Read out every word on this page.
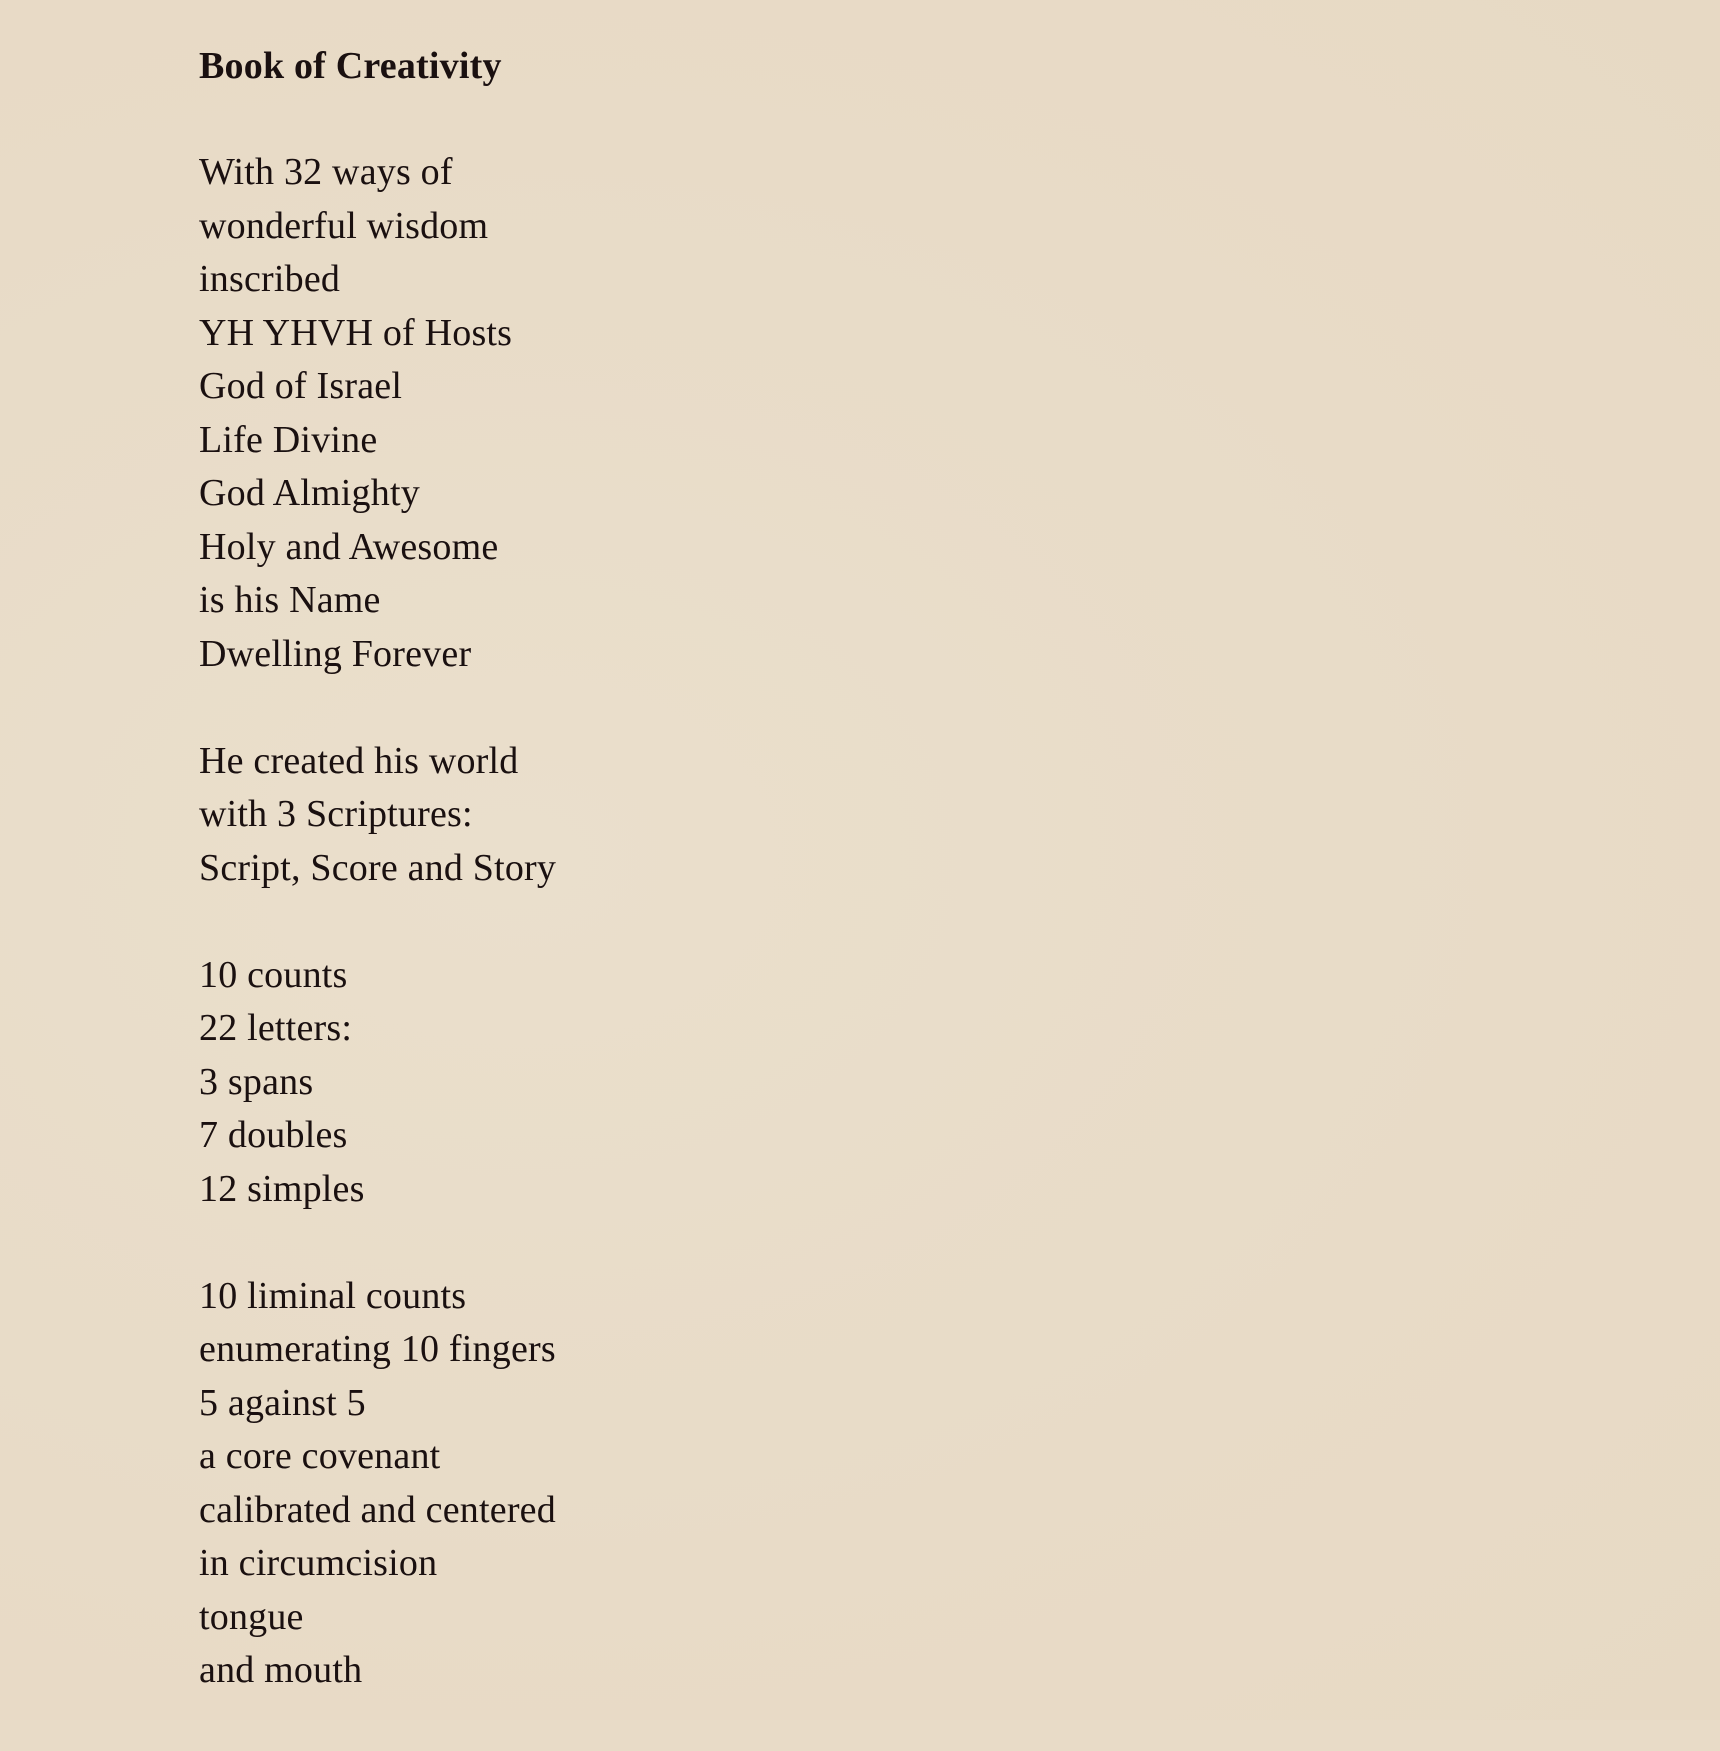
Book of Creativity
With 32 ways of
wonderful wisdom
inscribed
YH YHVH of Hosts
God of Israel
Life Divine
God Almighty
Holy and Awesome
is his Name
Dwelling Forever
He created his world
with 3 Scriptures:
Script, Score and Story
10 counts
22 letters:
3 spans
7 doubles
12 simples
10 liminal counts
enumerating 10 fingers
5 against 5
a core covenant
calibrated and centered
in circumcision
tongue
and mouth
